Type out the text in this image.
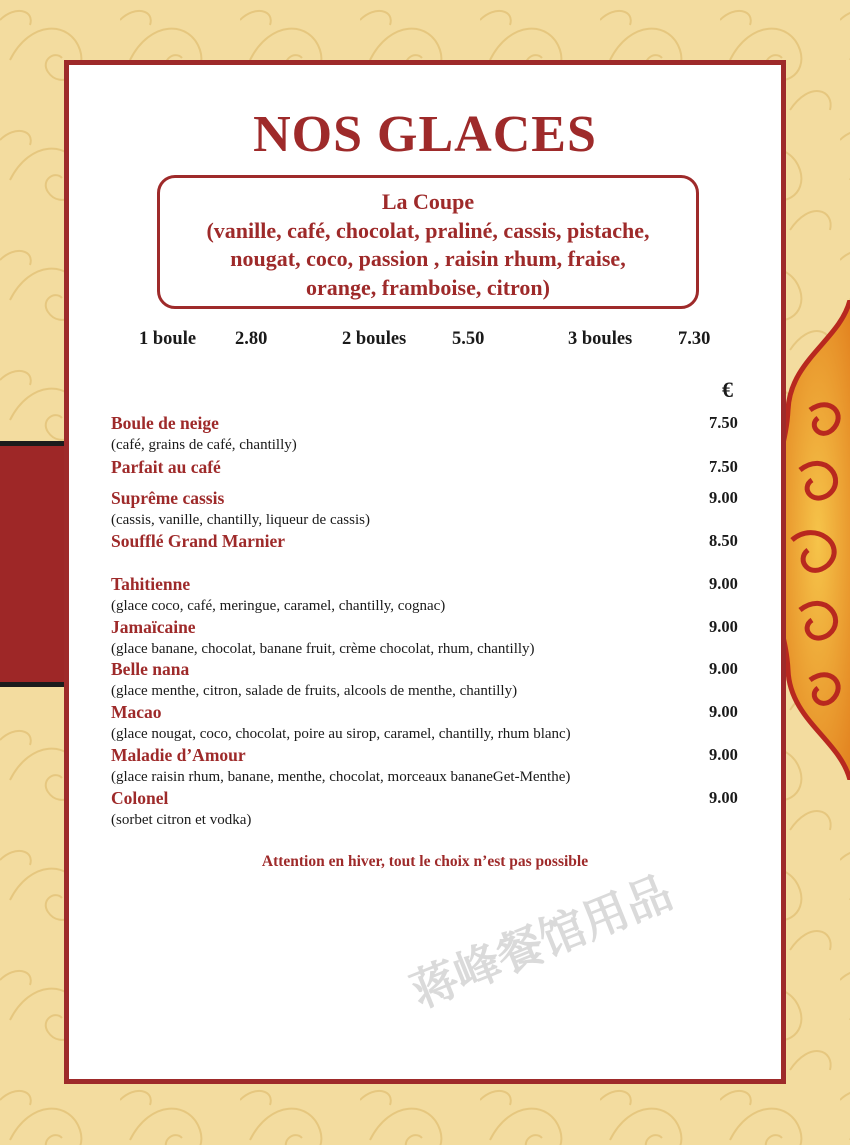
NOS GLACES
La Coupe
(vanille, café, chocolat, praliné, cassis, pistache,
nougat, coco, passion , raisin rhum, fraise,
orange, framboise, citron)
1 boule 2.80	2 boules 5.50	3 boules 7.30
€
Boule de neige	7.50
(café, grains de café, chantilly)
Parfait au café	7.50
Suprême cassis	9.00
(cassis, vanille, chantilly, liqueur de cassis)
Soufflé Grand Marnier	8.50
Tahitienne	9.00
(glace coco, café, meringue, caramel, chantilly, cognac)
Jamaïcaine	9.00
(glace banane, chocolat, banane fruit, crème chocolat, rhum, chantilly)
Belle nana	9.00
(glace menthe, citron, salade de fruits, alcools de menthe, chantilly)
Macao	9.00
(glace nougat, coco, chocolat, poire au sirop, caramel, chantilly, rhum blanc)
Maladie d’Amour	9.00
(glace raisin rhum, banane, menthe, chocolat, morceaux bananeGet-Menthe)
Colonel	9.00
(sorbet citron et vodka)
Attention en hiver, tout le choix n’est pas possible
蒋峰餐馆用品
